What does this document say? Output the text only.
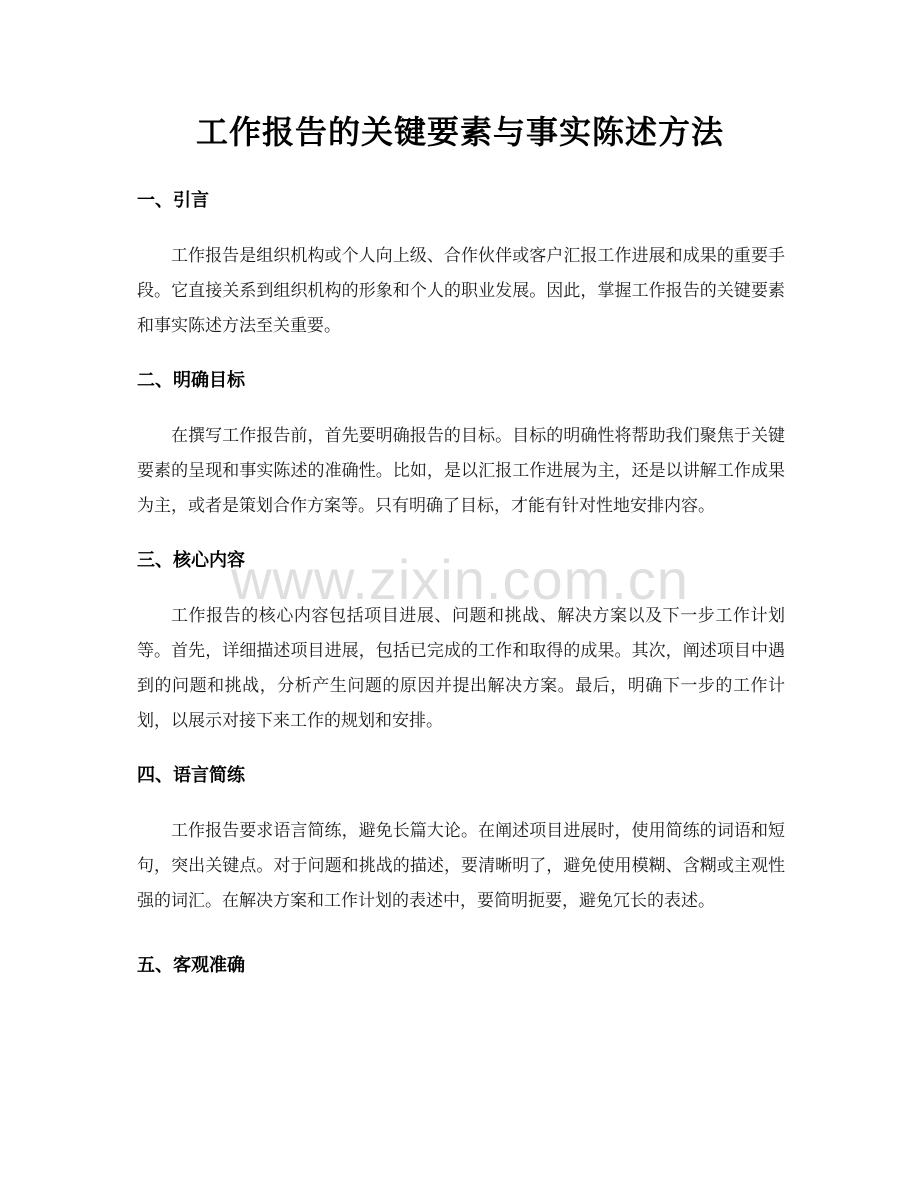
工作报告的关键要素与事实陈述方法
一、引言

工作报告是组织机构或个人向上级、合作伙伴或客户汇报工作进展和成果的重要手段。它直接关系到组织机构的形象和个人的职业发展。因此，掌握工作报告的关键要素和事实陈述方法至关重要。

二、明确目标

在撰写工作报告前，首先要明确报告的目标。目标的明确性将帮助我们聚焦于关键要素的呈现和事实陈述的准确性。比如，是以汇报工作进展为主，还是以讲解工作成果为主，或者是策划合作方案等。只有明确了目标，才能有针对性地安排内容。

三、核心内容

工作报告的核心内容包括项目进展、问题和挑战、解决方案以及下一步工作计划等。首先，详细描述项目进展，包括已完成的工作和取得的成果。其次，阐述项目中遇到的问题和挑战，分析产生问题的原因并提出解决方案。最后，明确下一步的工作计划，以展示对接下来工作的规划和安排。

四、语言简练

工作报告要求语言简练，避免长篇大论。在阐述项目进展时，使用简练的词语和短句，突出关键点。对于问题和挑战的描述，要清晰明了，避免使用模糊、含糊或主观性强的词汇。在解决方案和工作计划的表述中，要简明扼要，避免冗长的表述。

五、客观准确
www.zixin.com.cn
